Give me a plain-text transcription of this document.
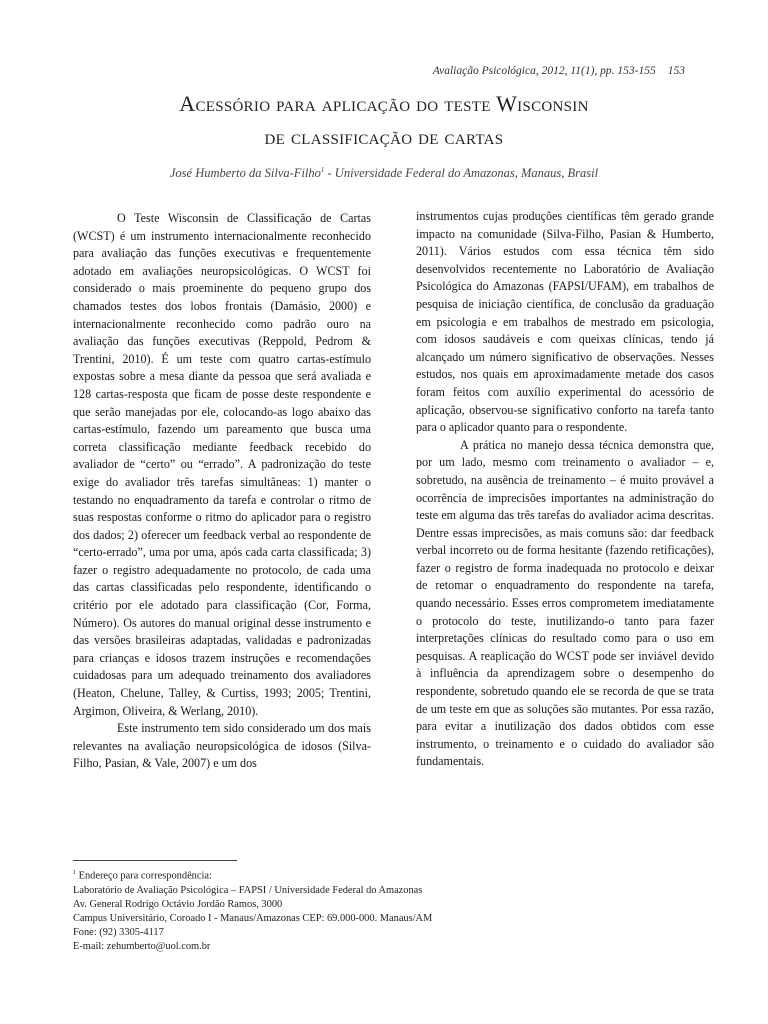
Avaliação Psicológica, 2012, 11(1), pp. 153-155 153
Acessório para aplicação do teste Wisconsin
de classificação de cartas
José Humberto da Silva-Filho$^1$ - Universidade Federal do Amazonas, Manaus, Brasil

O Teste Wisconsin de Classificação de Cartas (WCST) é um instrumento internacionalmente reconhecido para avaliação das funções executivas e frequentemente adotado em avaliações neuropsicológicas. O WCST foi considerado o mais proeminente do pequeno grupo dos chamados testes dos lobos frontais (Damásio, 2000) e internacionalmente reconhecido como padrão ouro na avaliação das funções executivas (Reppold, Pedrom & Trentini, 2010). É um teste com quatro cartas-estímulo expostas sobre a mesa diante da pessoa que será avaliada e 128 cartas-resposta que ficam de posse deste respondente e que serão manejadas por ele, colocando-as logo abaixo das cartas-estímulo, fazendo um pareamento que busca uma correta classificação mediante feedback recebido do avaliador de “certo” ou “errado”. A padronização do teste exige do avaliador três tarefas simultâneas: 1) manter o testando no enquadramento da tarefa e controlar o ritmo de suas respostas conforme o ritmo do aplicador para o registro dos dados; 2) oferecer um feedback verbal ao respondente de “certo-errado”, uma por uma, após cada carta classificada; 3) fazer o registro adequadamente no protocolo, de cada uma das cartas classificadas pelo respondente, identificando o critério por ele adotado para classificação (Cor, Forma, Número). Os autores do manual original desse instrumento e das versões brasileiras adaptadas, validadas e padronizadas para crianças e idosos trazem instruções e recomendações cuidadosas para um adequado treinamento dos avaliadores (Heaton, Chelune, Talley, & Curtiss, 1993; 2005; Trentini, Argimon, Oliveira, & Werlang, 2010).

Este instrumento tem sido considerado um dos mais relevantes na avaliação neuropsicológica de idosos (Silva-Filho, Pasian, & Vale, 2007) e um dos

instrumentos cujas produções científicas têm gerado grande impacto na comunidade (Silva-Filho, Pasian & Humberto, 2011). Vários estudos com essa técnica têm sido desenvolvidos recentemente no Laboratório de Avaliação Psicológica do Amazonas (FAPSI/UFAM), em trabalhos de pesquisa de iniciação científica, de conclusão da graduação em psicologia e em trabalhos de mestrado em psicologia, com idosos saudáveis e com queixas clínicas, tendo já alcançado um número significativo de observações. Nesses estudos, nos quais em aproximadamente metade dos casos foram feitos com auxílio experimental do acessório de aplicação, observou-se significativo conforto na tarefa tanto para o aplicador quanto para o respondente.

A prática no manejo dessa técnica demonstra que, por um lado, mesmo com treinamento o avaliador – e, sobretudo, na ausência de treinamento – é muito provável a ocorrência de imprecisões importantes na administração do teste em alguma das três tarefas do avaliador acima descritas. Dentre essas imprecisões, as mais comuns são: dar feedback verbal incorreto ou de forma hesitante (fazendo retificações), fazer o registro de forma inadequada no protocolo e deixar de retomar o enquadramento do respondente na tarefa, quando necessário. Esses erros comprometem imediatamente o protocolo do teste, inutilizando-o tanto para fazer interpretações clínicas do resultado como para o uso em pesquisas. A reaplicação do WCST pode ser inviável devido à influência da aprendizagem sobre o desempenho do respondente, sobretudo quando ele se recorda de que se trata de um teste em que as soluções são mutantes. Por essa razão, para evitar a inutilização dos dados obtidos com esse instrumento, o treinamento e o cuidado do avaliador são fundamentais.

$^1$ Endereço para correspondência:
Laboratório de Avaliação Psicológica – FAPSI / Universidade Federal do Amazonas
Av. General Rodrigo Octávio Jordão Ramos, 3000
Campus Universitário, Coroado I - Manaus/Amazonas CEP: 69.000-000. Manaus/AM
Fone: (92) 3305-4117
E-mail: zehumberto@uol.com.br
